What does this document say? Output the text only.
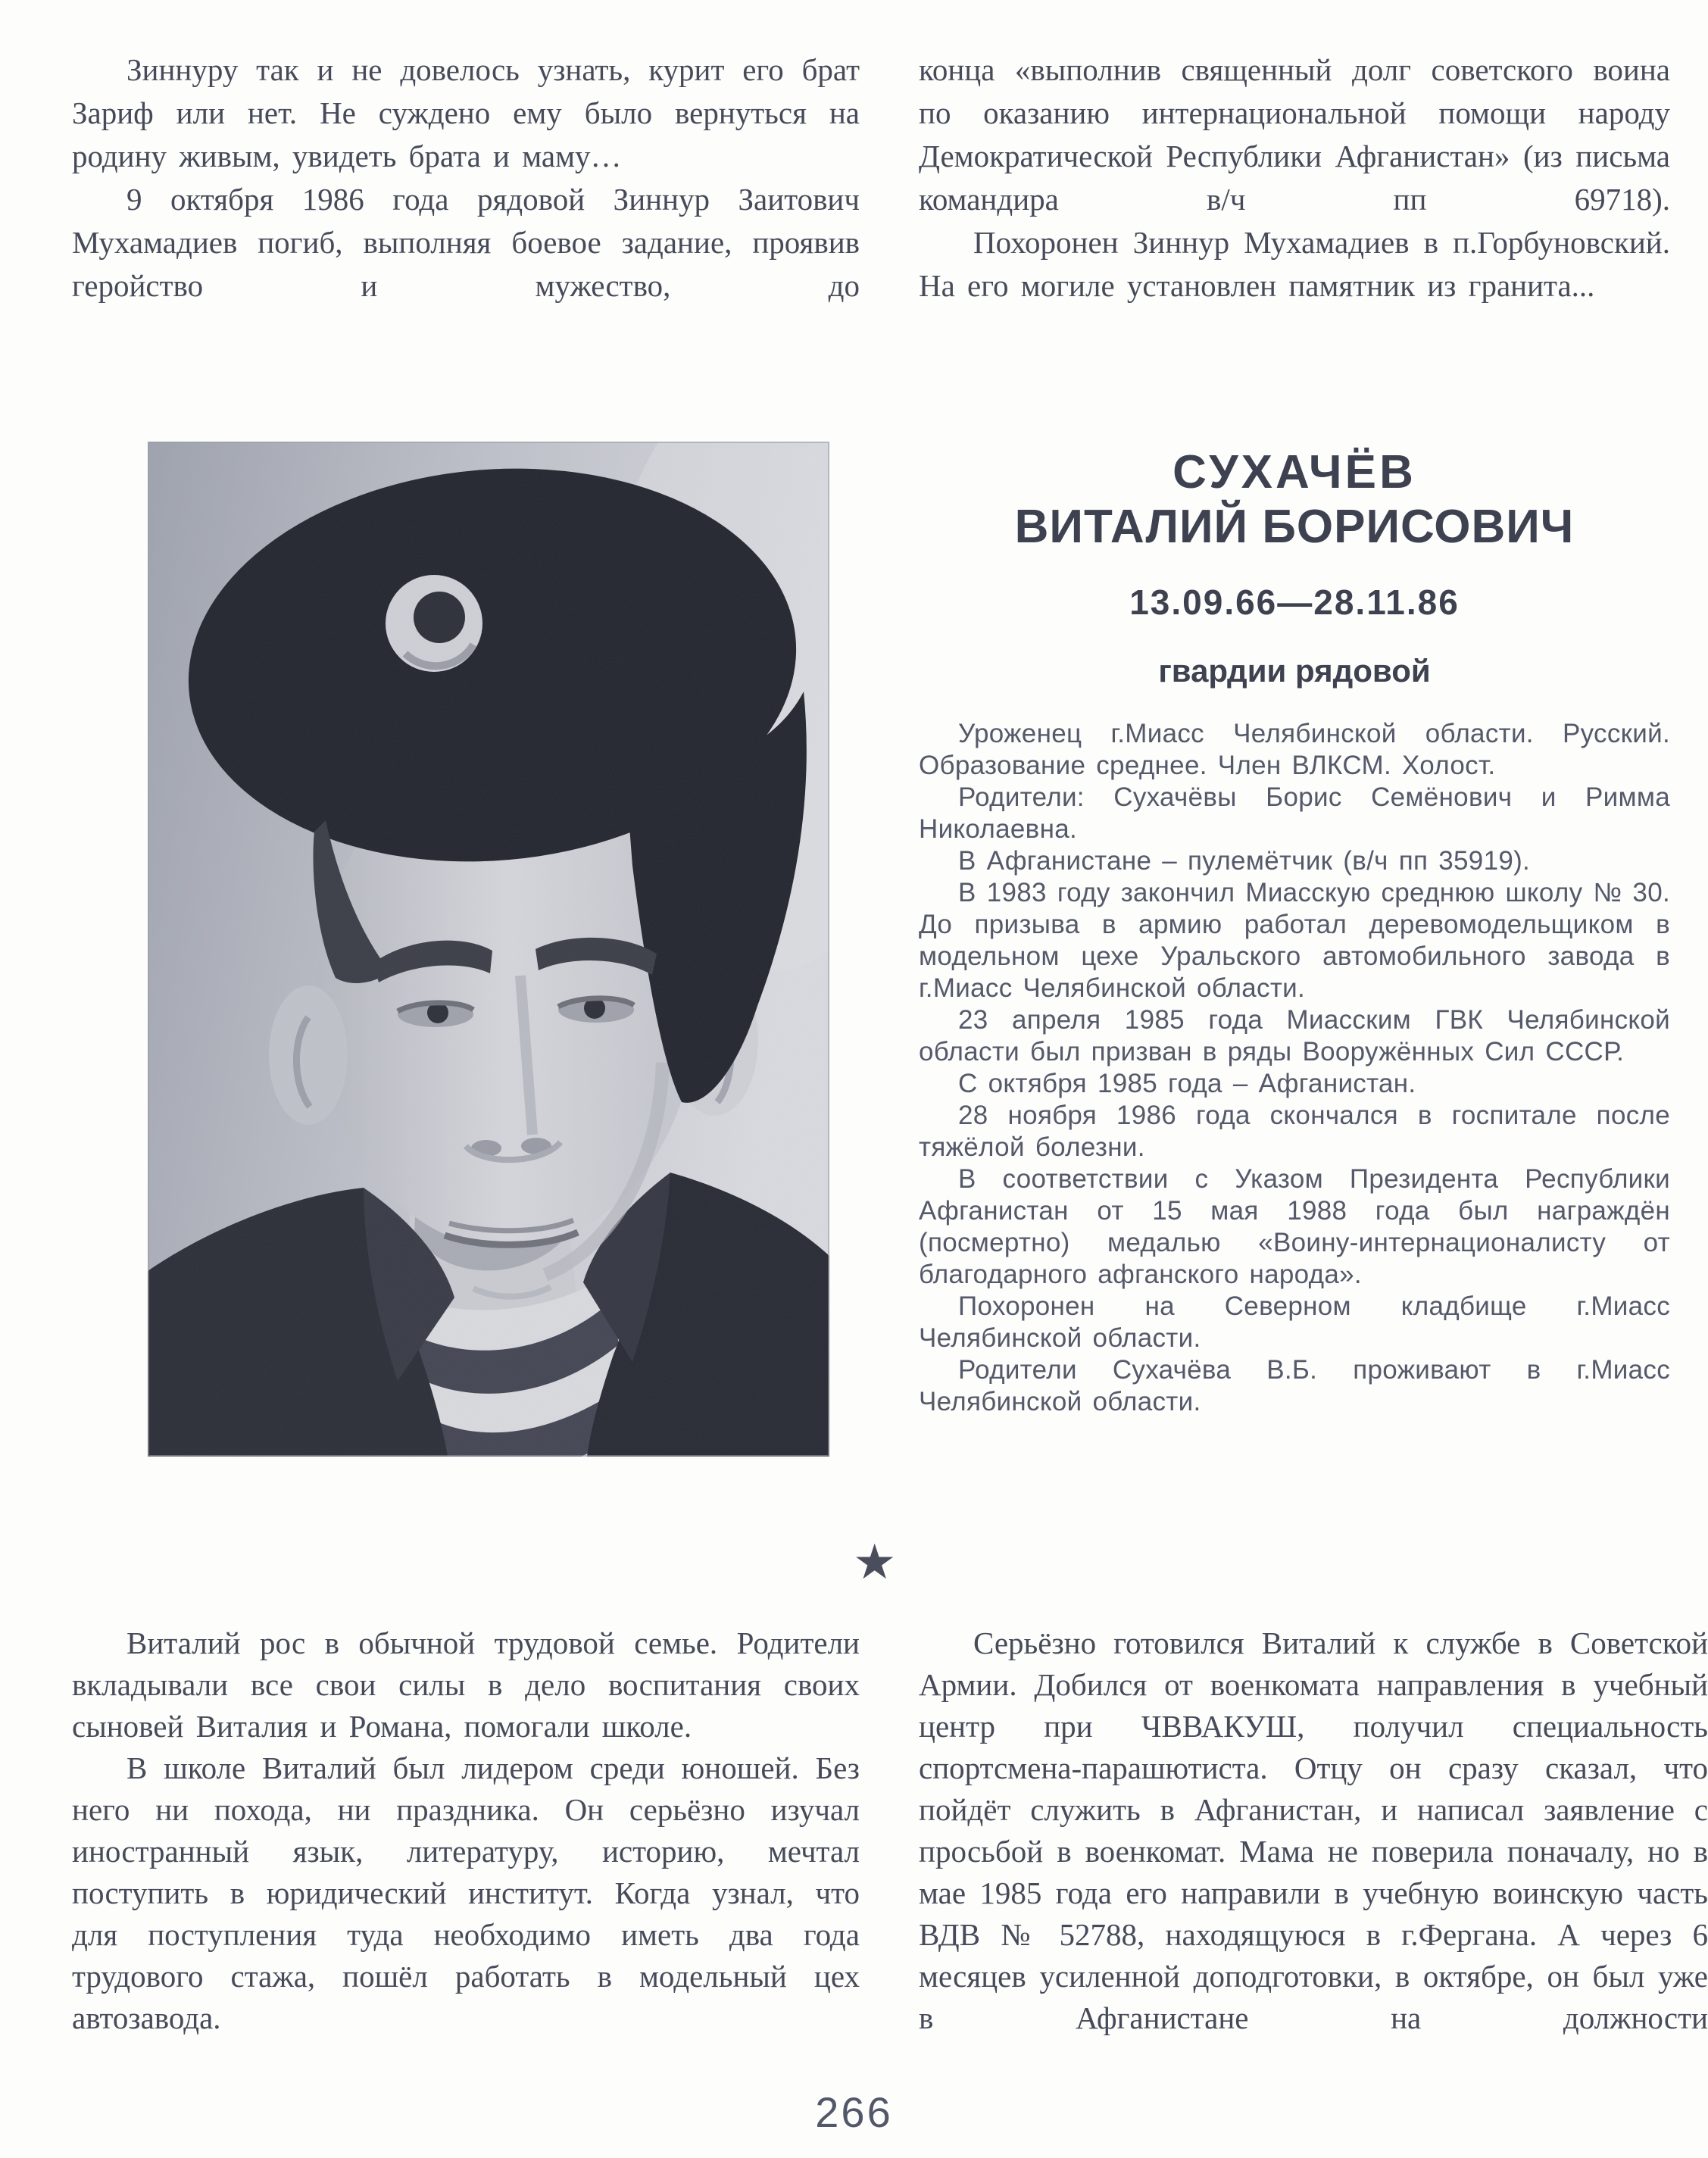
Зиннуру так и не довелось узнать, курит его брат Зариф или нет. Не суждено ему было вернуться на родину живым, увидеть брата и маму…

9 октября 1986 года рядовой Зиннур Заитович Мухамадиев погиб, выполняя боевое задание, проявив геройство и мужество, до

конца «выполнив священный долг советского воина по оказанию интернациональной помощи народу Демократической Республики Афганистан» (из письма командира в/ч пп 69718).

Похоронен Зиннур Мухамадиев в п.Горбуновский. На его могиле установлен памятник из гранита...

СУХАЧЁВ
ВИТАЛИЙ БОРИСОВИЧ
13.09.66—28.11.86
гвардии рядовой

Уроженец г.Миасс Челябинской области. Русский. Образование среднее. Член ВЛКСМ. Холост.

Родители: Сухачёвы Борис Семёнович и Римма Николаевна.

В Афганистане – пулемётчик (в/ч пп 35919).

В 1983 году закончил Миасскую среднюю школу № 30. До призыва в армию работал деревомодельщиком в модельном цехе Уральского автомобильного завода в г.Миасс Челябинской области.

23 апреля 1985 года Миасским ГВК Челябинской области был призван в ряды Вооружённых Сил СССР.

С октября 1985 года – Афганистан.

28 ноября 1986 года скончался в госпитале после тяжёлой болезни.

В соответствии с Указом Президента Республики Афганистан от 15 мая 1988 года был награждён (посмертно) медалью «Воину-интернационалисту от благодарного афганского народа».

Похоронен на Северном кладбище г.Миасс Челябинской области.

Родители Сухачёва В.Б. проживают в г.Миасс Челябинской области.

★

Виталий рос в обычной трудовой семье. Родители вкладывали все свои силы в дело воспитания своих сыновей Виталия и Романа, помогали школе.

В школе Виталий был лидером среди юношей. Без него ни похода, ни праздника. Он серьёзно изучал иностранный язык, литературу, историю, мечтал поступить в юридический институт. Когда узнал, что для поступления туда необходимо иметь два года трудового стажа, пошёл работать в модельный цех автозавода.

Серьёзно готовился Виталий к службе в Советской Армии. Добился от военкомата направления в учебный центр при ЧВВАКУШ, получил специальность спортсмена-парашютиста. Отцу он сразу сказал, что пойдёт служить в Афганистан, и написал заявление с просьбой в военкомат. Мама не поверила поначалу, но в мае 1985 года его направили в учебную воинскую часть ВДВ № 52788, находящуюся в г.Фергана. А через 6 месяцев усиленной доподготовки, в октябре, он был уже в Афганистане на должности

266
